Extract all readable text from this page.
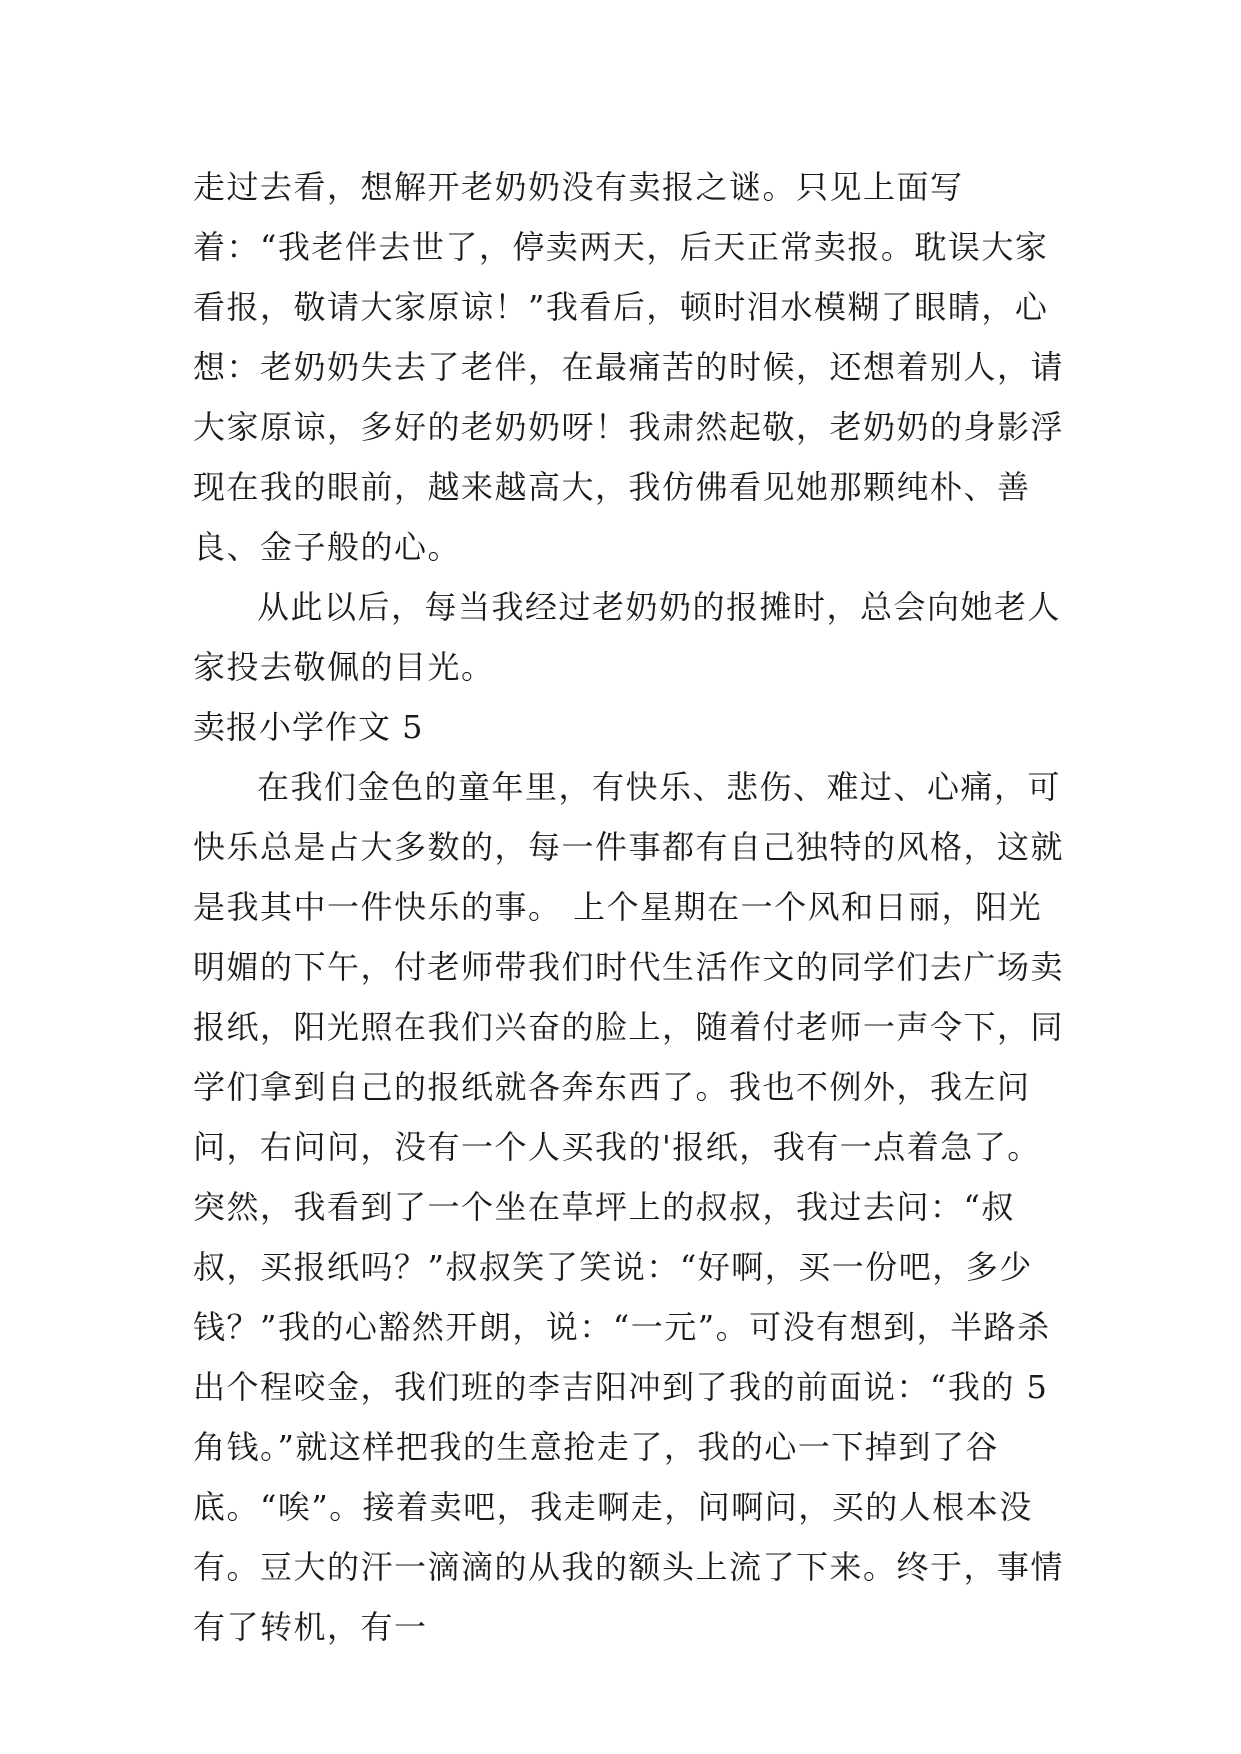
走过去看，想解开老奶奶没有卖报之谜。只见上面写着：“我老伴去世了，停卖两天，后天正常卖报。耽误大家看报，敬请大家原谅！”我看后，顿时泪水模糊了眼睛，心想：老奶奶失去了老伴，在最痛苦的时候，还想着别人，请大家原谅，多好的老奶奶呀！我肃然起敬，老奶奶的身影浮现在我的眼前，越来越高大，我仿佛看见她那颗纯朴、善良、金子般的心。

从此以后，每当我经过老奶奶的报摊时，总会向她老人家投去敬佩的目光。

卖报小学作文 5

在我们金色的童年里，有快乐、悲伤、难过、心痛，可快乐总是占大多数的，每一件事都有自己独特的风格，这就是我其中一件快乐的事。 上个星期在一个风和日丽，阳光明媚的下午，付老师带我们时代生活作文的同学们去广场卖报纸，阳光照在我们兴奋的脸上，随着付老师一声令下，同学们拿到自己的报纸就各奔东西了。我也不例外，我左问问，右问问，没有一个人买我的'报纸，我有一点着急了。突然，我看到了一个坐在草坪上的叔叔，我过去问：“叔叔，买报纸吗？”叔叔笑了笑说：“好啊，买一份吧，多少钱？”我的心豁然开朗，说：“一元”。可没有想到，半路杀出个程咬金，我们班的李吉阳冲到了我的前面说：“我的 5 角钱。”就这样把我的生意抢走了，我的心一下掉到了谷底。“唉”。接着卖吧，我走啊走，问啊问，买的人根本没有。豆大的汗一滴滴的从我的额头上流了下来。终于，事情有了转机，有一
